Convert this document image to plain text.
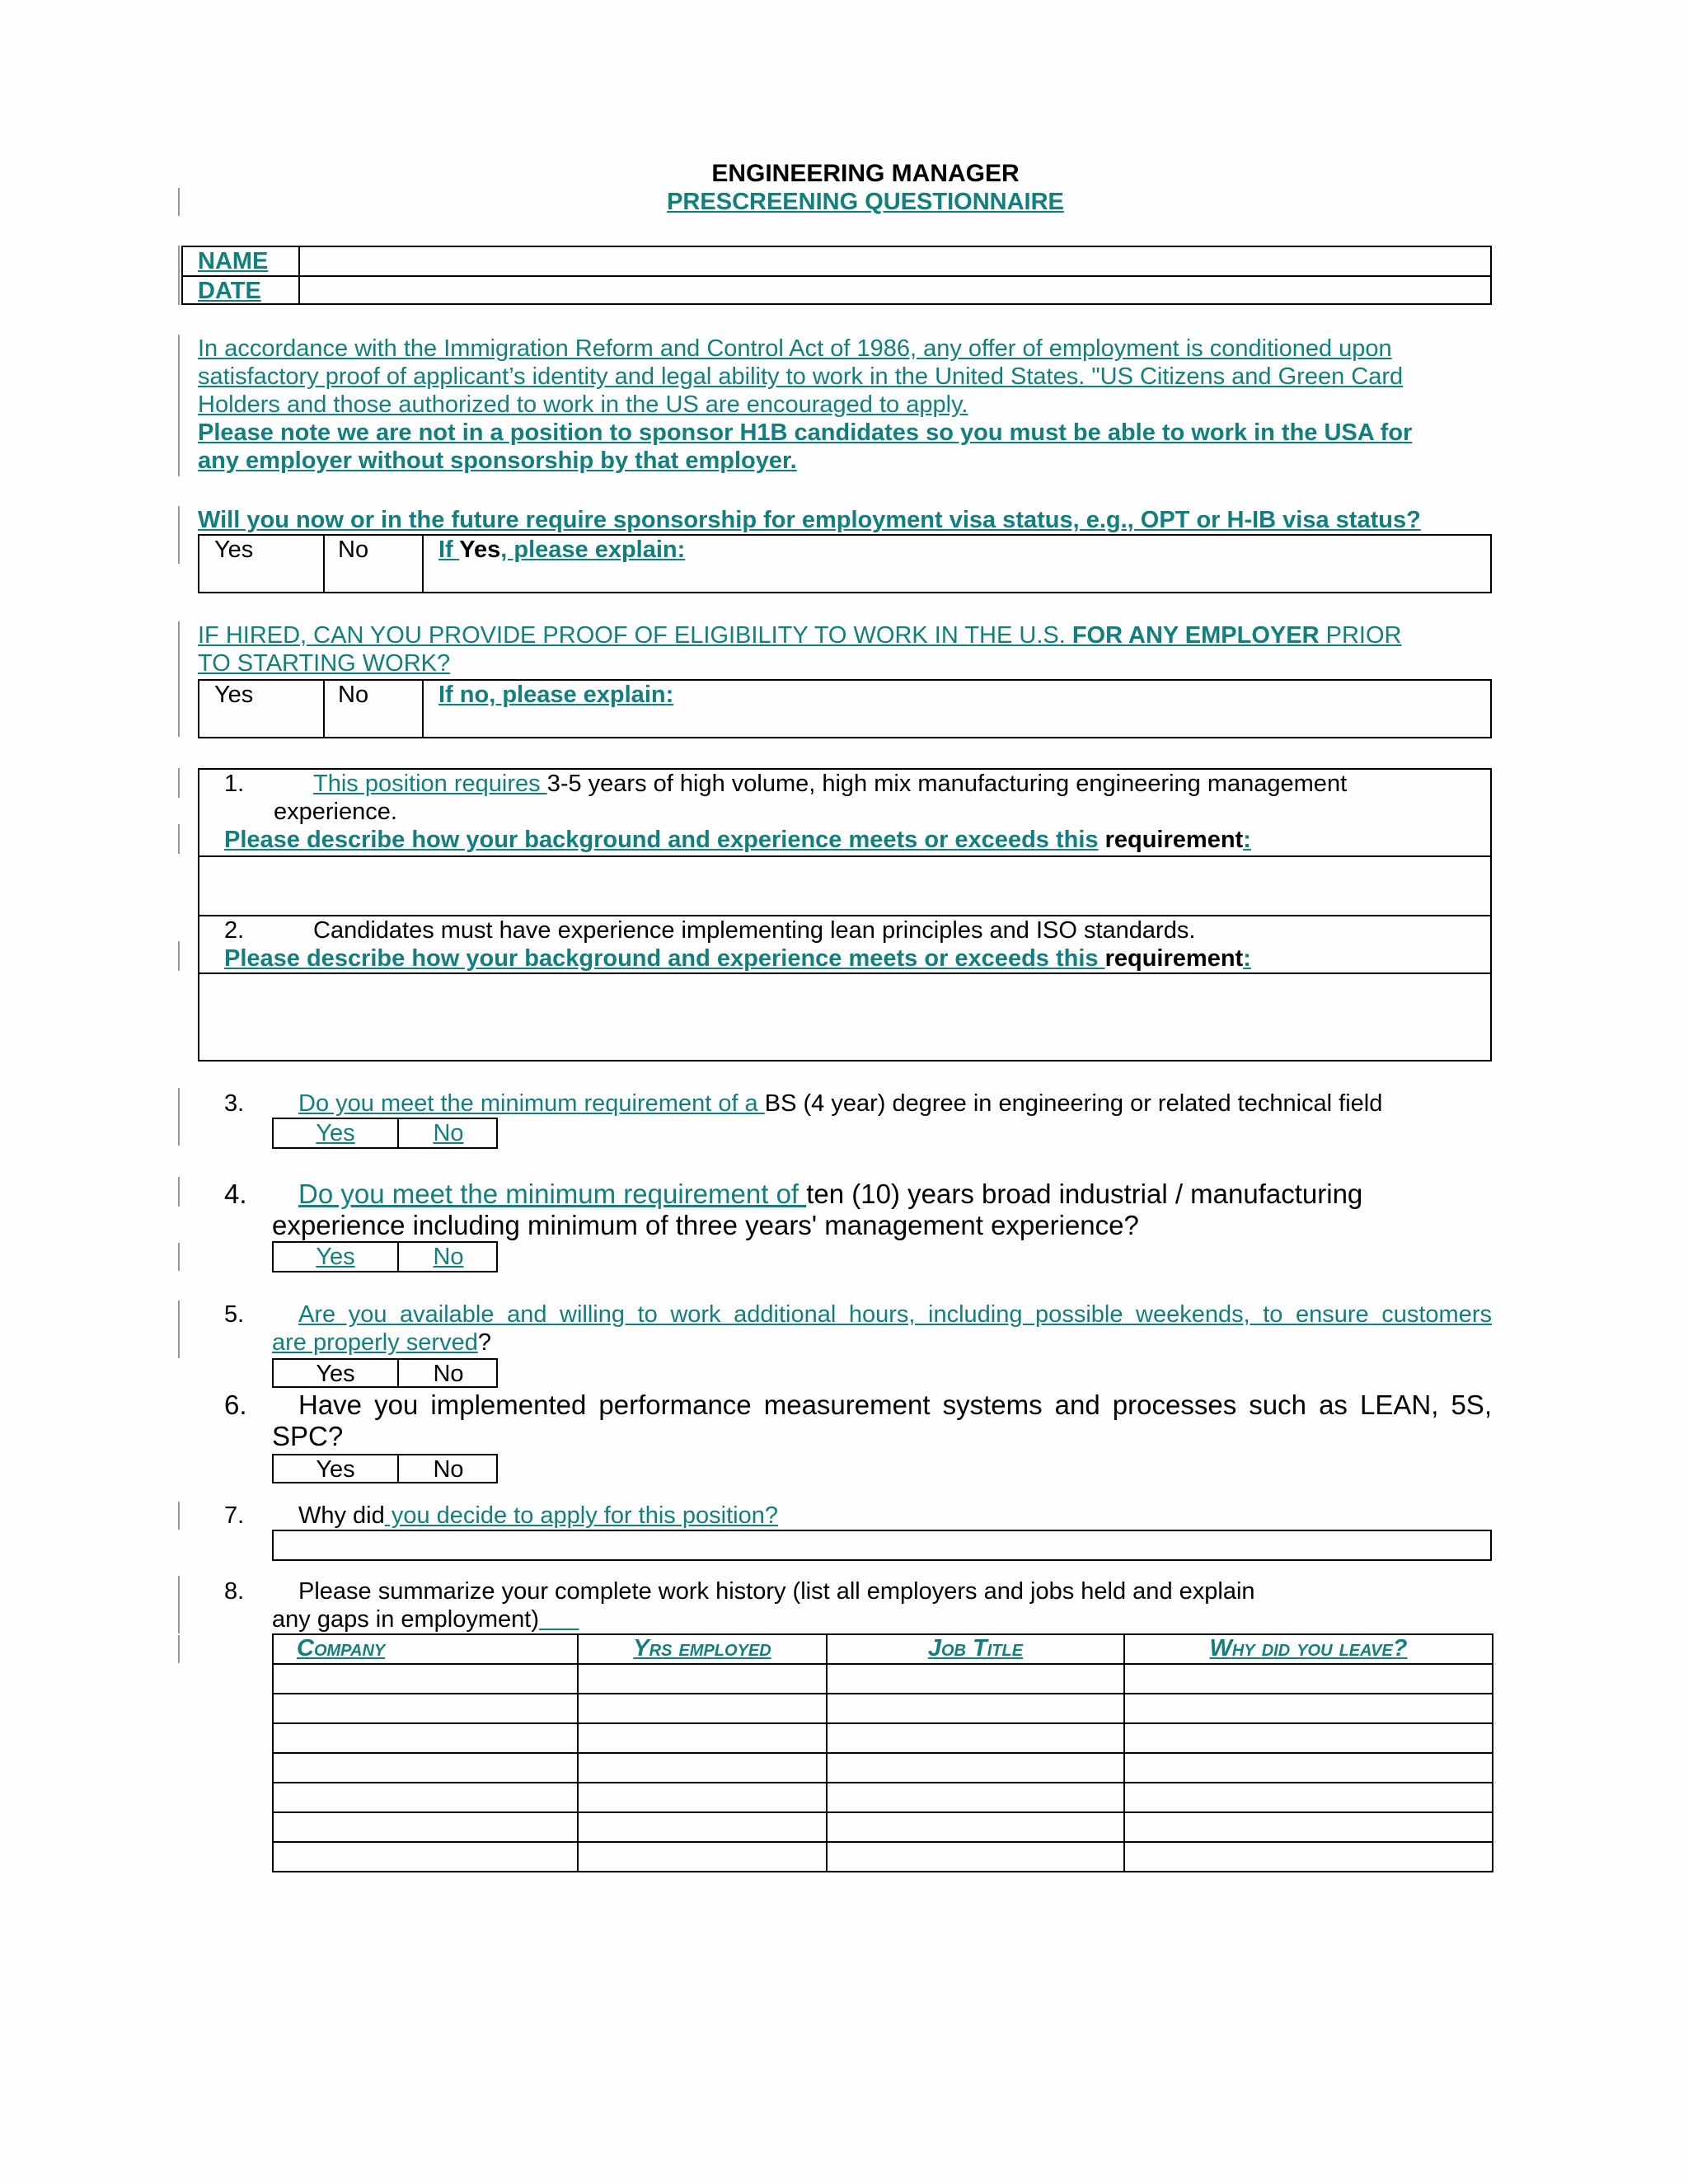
ENGINEERING MANAGER
PRESCREENING QUESTIONNAIRE
NAME
DATE
In accordance with the Immigration Reform and Control Act of 1986, any offer of employment is conditioned upon
satisfactory proof of applicant’s identity and legal ability to work in the United States. "US Citizens and Green Card
Holders and those authorized to work in the US are encouraged to apply.
Please note we are not in a position to sponsor H1B candidates so you must be able to work in the USA for
any employer without sponsorship by that employer.
Will you now or in the future require sponsorship for employment visa status, e.g., OPT or H-IB visa status?
Yes	No	If Yes, please explain:
IF HIRED, CAN YOU PROVIDE PROOF OF ELIGIBILITY TO WORK IN THE U.S. FOR ANY EMPLOYER PRIOR
TO STARTING WORK?
Yes	No	If no, please explain:
1.	This position requires 3-5 years of high volume, high mix manufacturing engineering management
experience.
Please describe how your background and experience meets or exceeds this requirement:
2.	Candidates must have experience implementing lean principles and ISO standards.
Please describe how your background and experience meets or exceeds this requirement:
3. Do you meet the minimum requirement of a BS (4 year) degree in engineering or related technical field
Yes	No
4. Do you meet the minimum requirement of ten (10) years broad industrial / manufacturing
experience including minimum of three years' management experience?
Yes	No
5. Are you available and willing to work additional hours, including possible weekends, to ensure customers
are properly served?
Yes	No
6. Have you implemented performance measurement systems and processes such as LEAN, 5S,
SPC?
Yes	No
7. Why did you decide to apply for this position?
8. Please summarize your complete work history (list all employers and jobs held and explain
any gaps in employment)   
Company	Yrs employed	Job Title	Why did you leave?
